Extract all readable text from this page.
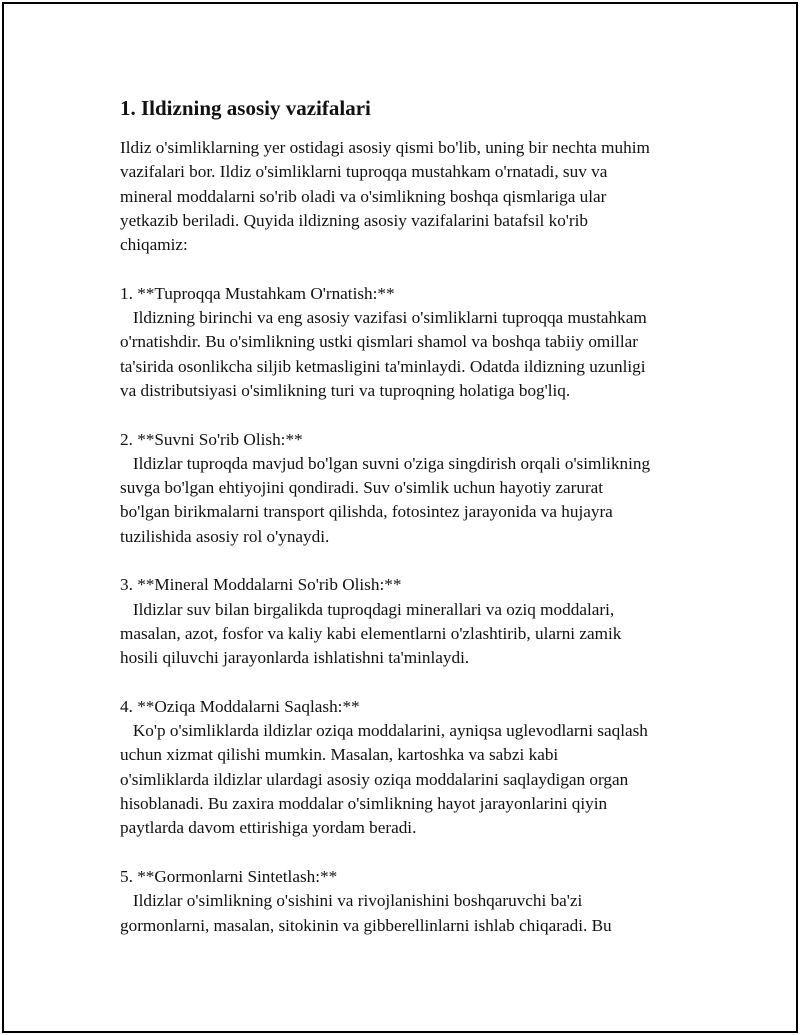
1. Ildizning asosiy vazifalari

Ildiz o'simliklarning yer ostidagi asosiy qismi bo'lib, uning bir nechta muhim
vazifalari bor. Ildiz o'simliklarni tuproqqa mustahkam o'rnatadi, suv va
mineral moddalarni so'rib oladi va o'simlikning boshqa qismlariga ular
yetkazib beriladi. Quyida ildizning asosiy vazifalarini batafsil ko'rib
chiqamiz:

1. **Tuproqqa Mustahkam O'rnatish:**
Ildizning birinchi va eng asosiy vazifasi o'simliklarni tuproqqa mustahkam
o'rnatishdir. Bu o'simlikning ustki qismlari shamol va boshqa tabiiy omillar
ta'sirida osonlikcha siljib ketmasligini ta'minlaydi. Odatda ildizning uzunligi
va distributsiyasi o'simlikning turi va tuproqning holatiga bog'liq.

2. **Suvni So'rib Olish:**
Ildizlar tuproqda mavjud bo'lgan suvni o'ziga singdirish orqali o'simlikning
suvga bo'lgan ehtiyojini qondiradi. Suv o'simlik uchun hayotiy zarurat
bo'lgan birikmalarni transport qilishda, fotosintez jarayonida va hujayra
tuzilishida asosiy rol o'ynaydi.

3. **Mineral Moddalarni So'rib Olish:**
Ildizlar suv bilan birgalikda tuproqdagi minerallari va oziq moddalari,
masalan, azot, fosfor va kaliy kabi elementlarni o'zlashtirib, ularni zamik
hosili qiluvchi jarayonlarda ishlatishni ta'minlaydi.

4. **Oziqa Moddalarni Saqlash:**
Ko'p o'simliklarda ildizlar oziqa moddalarini, ayniqsa uglevodlarni saqlash
uchun xizmat qilishi mumkin. Masalan, kartoshka va sabzi kabi
o'simliklarda ildizlar ulardagi asosiy oziqa moddalarini saqlaydigan organ
hisoblanadi. Bu zaxira moddalar o'simlikning hayot jarayonlarini qiyin
paytlarda davom ettirishiga yordam beradi.

5. **Gormonlarni Sintetlash:**
Ildizlar o'simlikning o'sishini va rivojlanishini boshqaruvchi ba'zi
gormonlarni, masalan, sitokinin va gibberellinlarni ishlab chiqaradi. Bu
